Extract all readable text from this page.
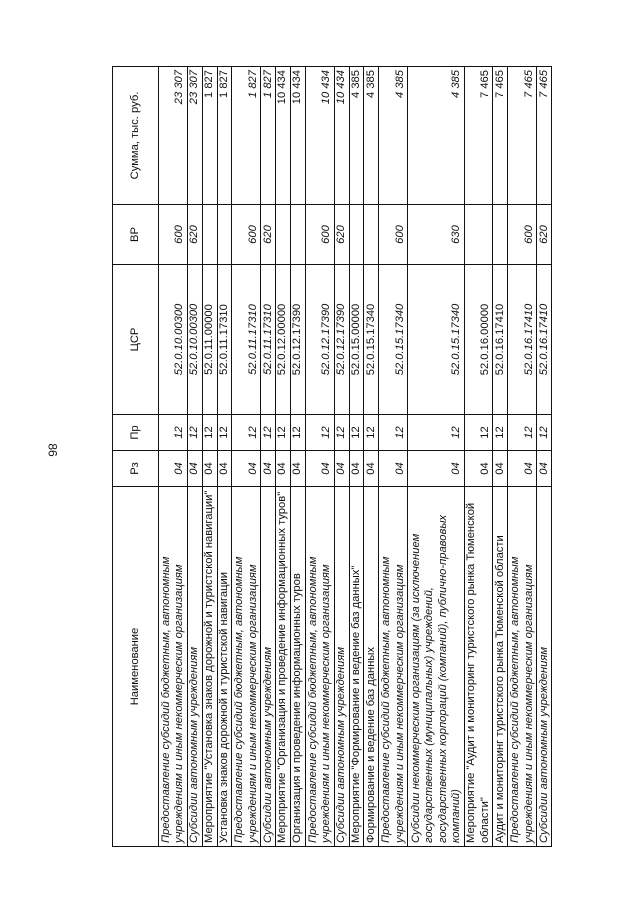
86
Наименование	Рз	Пр	ЦСР	ВР	Сумма, тыс. руб.
Предоставление субсидий бюджетным, автономным учреждениям и иным некоммерческим организациям	04	12	52.0.10.00300	600	23 307
Субсидии автономным учреждениям	04	12	52.0.10.00300	620	23 307
Мероприятие "Установка знаков дорожной и туристской навигации"	04	12	52.0.11.00000		1 827
Установка знаков дорожной и туристской навигации	04	12	52.0.11.17310		1 827
Предоставление субсидий бюджетным, автономным учреждениям и иным некоммерческим организациям	04	12	52.0.11.17310	600	1 827
Субсидии автономным учреждениям	04	12	52.0.11.17310	620	1 827
Мероприятие "Организация и проведение информационных туров"	04	12	52.0.12.00000		10 434
Организация и проведение информационных туров	04	12	52.0.12.17390		10 434
Предоставление субсидий бюджетным, автономным учреждениям и иным некоммерческим организациям	04	12	52.0.12.17390	600	10 434
Субсидии автономным учреждениям	04	12	52.0.12.17390	620	10 434
Мероприятие "Формирование и ведение баз данных"	04	12	52.0.15.00000		4 385
Формирование и ведение баз данных	04	12	52.0.15.17340		4 385
Предоставление субсидий бюджетным, автономным учреждениям и иным некоммерческим организациям	04	12	52.0.15.17340	600	4 385
Субсидии некоммерческим организациям (за исключением государственных (муниципальных) учреждений, государственных корпораций (компаний), публично-правовых компаний)	04	12	52.0.15.17340	630	4 385
Мероприятие "Аудит и мониторинг туристского рынка Тюменской области"	04	12	52.0.16.00000		7 465
Аудит и мониторинг туристского рынка Тюменской области	04	12	52.0.16.17410		7 465
Предоставление субсидий бюджетным, автономным учреждениям и иным некоммерческим организациям	04	12	52.0.16.17410	600	7 465
Субсидии автономным учреждениям	04	12	52.0.16.17410	620	7 465
